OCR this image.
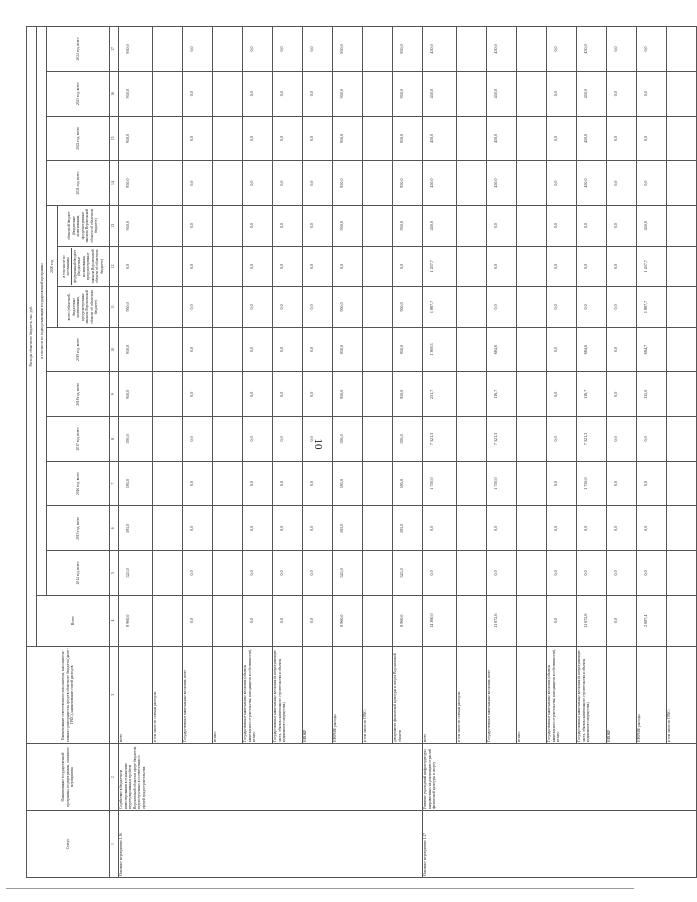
10
Статус	Наименование государственной программы, подпрограммы, основного мероприятия	Наименование ответственного исполнителя, исполнителя - главного распорядителя средств областного бюджета (далее - ГРБС), наименование статей расходов	Расходы областного бюджета, тыс. руб.													
			Всего	в том числе по годам реализации государственной программы												
				2014 год, всего	2015 год, всего	2016 год, всего	2017 год, всего	2018 год, всего	2019 год, всего	2020 год			2021 год, всего	2022 год, всего	2023 год, всего	2024 год, всего
										всего (областной, бюджетные ассигнования, предусмотренные законом Воронежской области об областном бюджете)	в том числе по источникам федеральный бюджет (бюджетные ассигнования, предусмотренные законом Воронежской области об областном бюджете)	областной бюджет (бюджетные ассигнования, предусмотренные законом Воронежской области об областном бюджете)				
1	2	3	4	5	6	7	8	9	10	11	12	13	14	15	16	17
Основное мероприятие 1.16	Содействие в бюджетном инвестировании в отношении неурегулированных проблем Воронежской области в сфере бюджетов, недополученных в соответствии со сферой градостроительства	всего	8 960,0	525,0	595,0	595,0	595,0	950,0	950,0	950,0	0,0	950,0	950,0	950,0	950,0	950,0
		в том числе по статьям расходов:														
		Государственные капитальные вложения, всего	0,0	0,0	0,0	0,0	0,0	0,0	0,0	0,0	0,0	0,0	0,0	0,0	0,0	0,0
		из них:														
		Государственные капитальные вложения (объекты капитального строительства, находящиеся в собственности), из них:	0,0	0,0	0,0	0,0	0,0	0,0	0,0	0,0	0,0	0,0	0,0	0,0	0,0	0,0
		Государственные капитальные вложения (в непрограммную часть, объекты капитального строительства и объекты недвижимого имущества)	0,0	0,0	0,0	0,0	0,0	0,0	0,0	0,0	0,0	0,0	0,0	0,0	0,0	0,0
		НИОКР	0,0	0,0	0,0	0,0	0,0	0,0	0,0	0,0	0,0	0,0	0,0	0,0	0,0	0,0
		ПРОЧИЕ расходы	8 960,0	525,0	595,0	595,0	595,0	950,0	950,0	950,0	0,0	950,0	950,0	950,0	950,0	950,0
		в том числе по ГРБС:														
		департамент физической культуры и спорта Воронежской области	8 960,0	525,0	595,0	595,0	595,0	950,0	950,0	950,0	0,0	950,0	950,0	950,0	950,0	950,0
Основное мероприятие 1.17	Развитие учреждений инфраструктуры направленных на реализацию отраслей физической культуры и спорту	всего	14 360,0	0,0	0,0	1 750,0	7 321,3	231,7	1 369,3	1 887,7	1 437,7	450,0	450,0	450,0	450,0	450,0
		в том числе по статьям расходов:														
		Государственные капитальные вложения, всего	11 672,6	0,0	0,0	1 750,0	7 321,3	116,7	684,6	0,0	0,0	0,0	450,0	450,0	450,0	450,0
		из них:														
		Государственные капитальные вложения (объекты капитального строительства, находящиеся в собственности), из них:	0,0	0,0	0,0	0,0	0,0	0,0	0,0	0,0	0,0	0,0	0,0	0,0	0,0	0,0
		Государственные капитальные вложения (в непрограммную часть, объекты капитального строительства и объекты недвижимого имущества)	11 672,6	0,0	0,0	1 750,0	7 321,3	116,7	684,6	0,0	0,0	0,0	450,0	450,0	450,0	450,0
		НИОКР	0,0	0,0	0,0	0,0	0,0	0,0	0,0	0,0	0,0	0,0	0,0	0,0	0,0	0,0
		ПРОЧИЕ расходы	2 687,4	0,0	0,0	0,0	0,0	115,0	684,7	1 887,7	1 437,7	450,0	0,0	0,0	0,0	0,0
		в том числе по ГРБС:														
